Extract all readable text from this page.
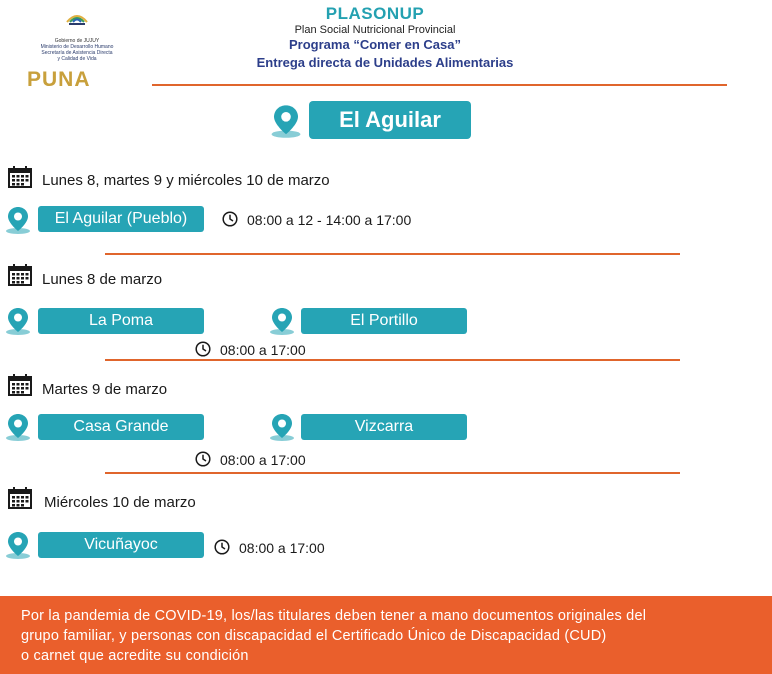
Gobierno de JUJUY
Ministerio de Desarrollo Humano
Secretaría de Asistencia Directa
y Calidad de Vida
PUNA
PLASONUP
Plan Social Nutricional Provincial
Programa “Comer en Casa”
Entrega directa de Unidades Alimentarias
El Aguilar
Lunes 8, martes 9 y miércoles 10 de marzo
El Aguilar (Pueblo)	08:00 a 12 - 14:00 a 17:00
Lunes 8 de marzo
La Poma	El Portillo
08:00 a 17:00
Martes 9 de marzo
Casa Grande	Vizcarra
08:00 a 17:00
Miércoles 10 de marzo
Vicuñayoc	08:00 a 17:00

Por la pandemia de COVID-19, los/las titulares deben tener a mano documentos originales del

grupo familiar, y personas con discapacidad el Certificado Único de Discapacidad (CUD)

o carnet que acredite su condición
